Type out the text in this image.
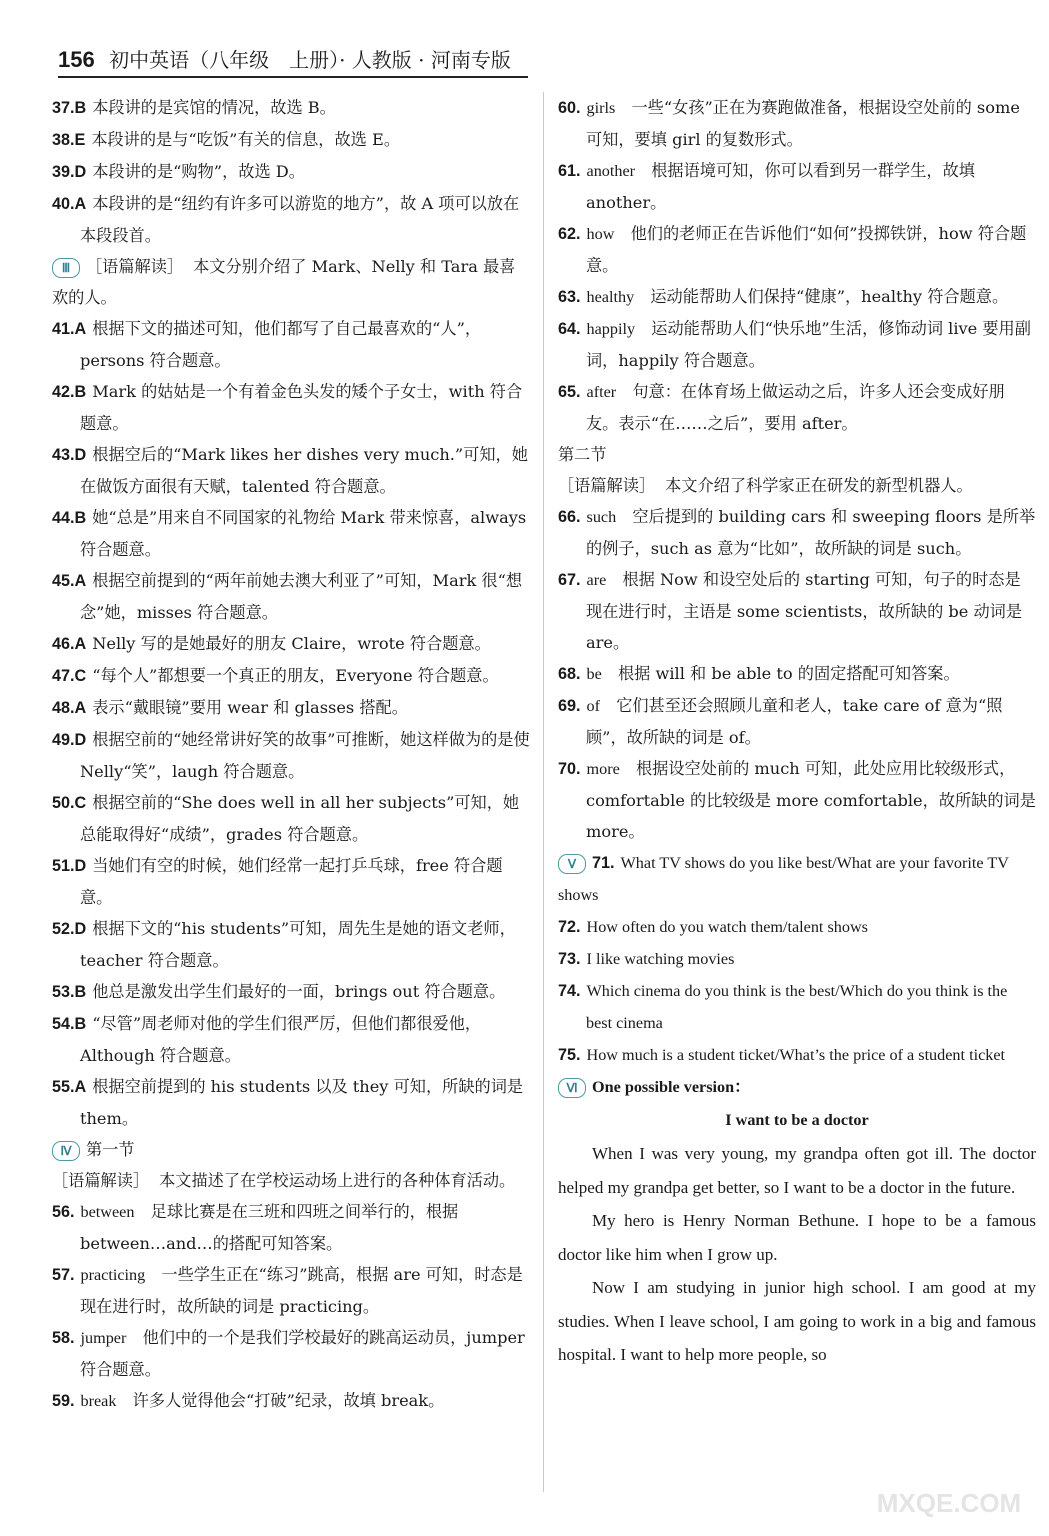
156 初中英语（八年级　上册）· 人教版 · 河南专版

37.B 本段讲的是宾馆的情况，故选 B。

38.E 本段讲的是与“吃饭”有关的信息，故选 E。

39.D 本段讲的是“购物”，故选 D。

40.A 本段讲的是“纽约有许多可以游览的地方”，故 A 项可以放在本段段首。

Ⅲ ［语篇解读］ 本文分别介绍了 Mark、Nelly 和 Tara 最喜欢的人。

41.A 根据下文的描述可知，他们都写了自己最喜欢的“人”，persons 符合题意。

42.B Mark 的姑姑是一个有着金色头发的矮个子女士，with 符合题意。

43.D 根据空后的“Mark likes her dishes very much.”可知，她在做饭方面很有天赋，talented 符合题意。

44.B 她“总是”用来自不同国家的礼物给 Mark 带来惊喜，always 符合题意。

45.A 根据空前提到的“两年前她去澳大利亚了”可知，Mark 很“想念”她，misses 符合题意。

46.A Nelly 写的是她最好的朋友 Claire，wrote 符合题意。

47.C “每个人”都想要一个真正的朋友，Everyone 符合题意。

48.A 表示“戴眼镜”要用 wear 和 glasses 搭配。

49.D 根据空前的“她经常讲好笑的故事”可推断，她这样做为的是使 Nelly“笑”，laugh 符合题意。

50.C 根据空前的“She does well in all her subjects”可知，她总能取得好“成绩”，grades 符合题意。

51.D 当她们有空的时候，她们经常一起打乒乓球，free 符合题意。

52.D 根据下文的“his students”可知，周先生是她的语文老师，teacher 符合题意。

53.B 他总是激发出学生们最好的一面，brings out 符合题意。

54.B “尽管”周老师对他的学生们很严厉，但他们都很爱他，Although 符合题意。

55.A 根据空前提到的 his students 以及 they 可知，所缺的词是 them。

Ⅳ 第一节

［语篇解读］ 本文描述了在学校运动场上进行的各种体育活动。

56. between　 足球比赛是在三班和四班之间举行的，根据 between…and…的搭配可知答案。

57. practicing　 一些学生正在“练习”跳高，根据 are 可知，时态是现在进行时，故所缺的词是 practicing。

58. jumper　 他们中的一个是我们学校最好的跳高运动员，jumper 符合题意。

59. break　 许多人觉得他会“打破”纪录，故填 break。

60. girls　 一些“女孩”正在为赛跑做准备，根据设空处前的 some 可知，要填 girl 的复数形式。

61. another　 根据语境可知，你可以看到另一群学生，故填 another。

62. how　 他们的老师正在告诉他们“如何”投掷铁饼，how 符合题意。

63. healthy　 运动能帮助人们保持“健康”，healthy 符合题意。

64. happily　 运动能帮助人们“快乐地”生活，修饰动词 live 要用副词，happily 符合题意。

65. after　 句意：在体育场上做运动之后，许多人还会变成好朋友。表示“在……之后”，要用 after。

第二节

［语篇解读］ 本文介绍了科学家正在研发的新型机器人。

66. such　 空后提到的 building cars 和 sweeping floors 是所举的例子，such as 意为“比如”，故所缺的词是 such。

67. are　 根据 Now 和设空处后的 starting 可知，句子的时态是现在进行时，主语是 some scientists，故所缺的 be 动词是 are。

68. be　 根据 will 和 be able to 的固定搭配可知答案。

69. of　 它们甚至还会照顾儿童和老人，take care of 意为“照顾”，故所缺的词是 of。

70. more　 根据设空处前的 much 可知，此处应用比较级形式，comfortable 的比较级是 more comfortable，故所缺的词是 more。

Ⅴ 71. What TV shows do you like best/What are your favorite TV shows

72. How often do you watch them/talent shows

73. I like watching movies

74. Which cinema do you think is the best/Which do you think is the best cinema

75. How much is a student ticket/What’s the price of a student ticket

Ⅵ One possible version：

I want to be a doctor

When I was very young, my grandpa often got ill. The doctor helped my grandpa get better, so I want to be a doctor in the future.

My hero is Henry Norman Bethune. I hope to be a famous doctor like him when I grow up.

Now I am studying in junior high school. I am good at my studies. When I leave school, I am going to work in a big and famous hospital. I want to help more people, so

MXQE.COM
